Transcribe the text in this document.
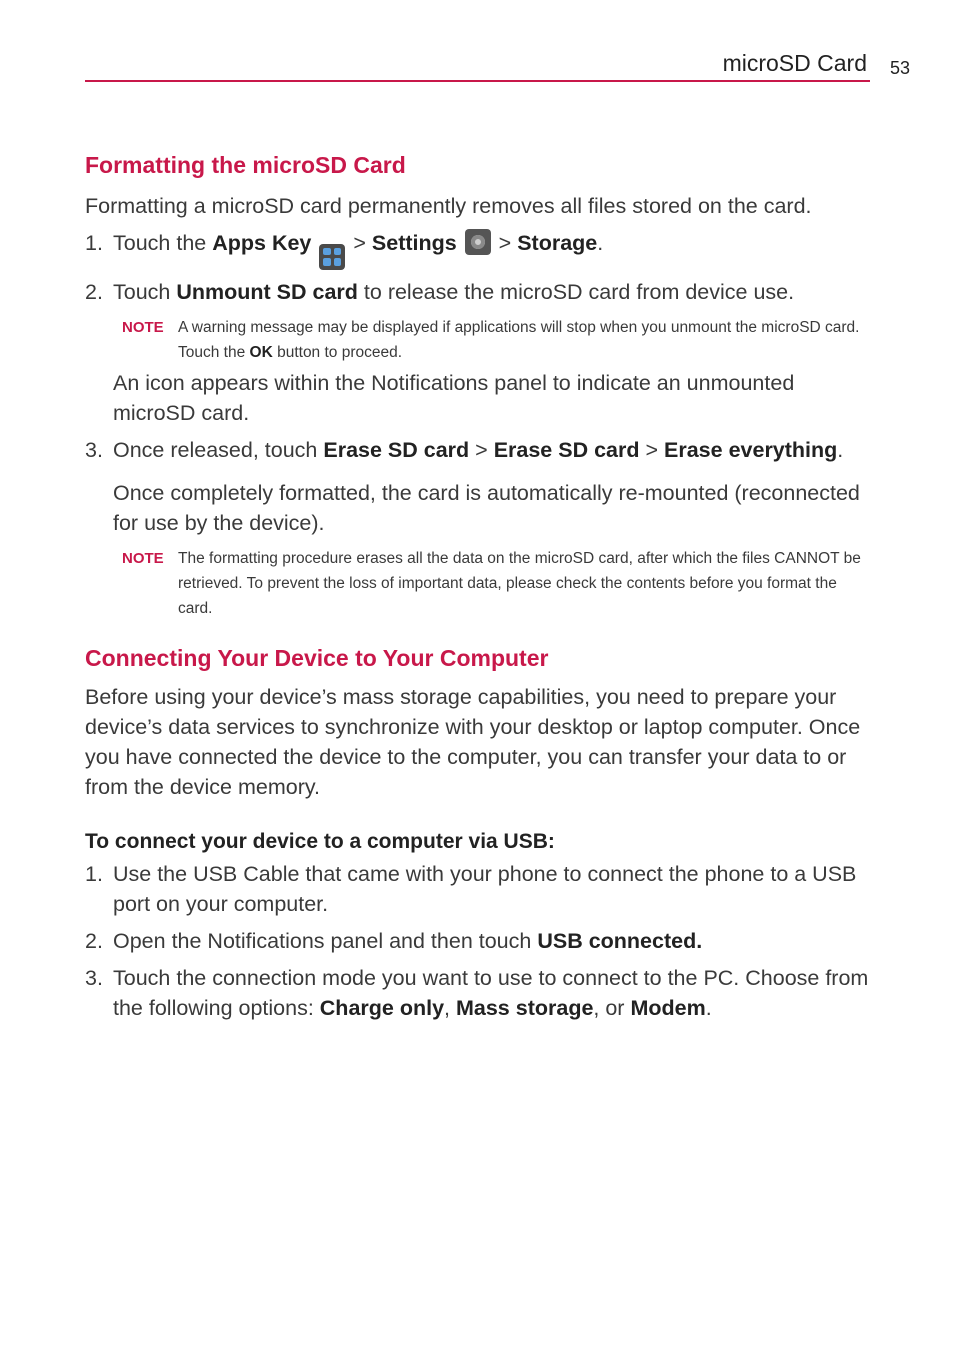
microSD Card 53
Formatting the microSD Card

Formatting a microSD card permanently removes all files stored on the card.

1. Touch the Apps Key
> Settings  > Storage.
2. Touch Unmount SD card to release the microSD card from device use.
NOTE A warning message may be displayed if applications will stop when you unmount the microSD card. Touch the OK button to proceed.

An icon appears within the Notifications panel to indicate an unmounted microSD card.

3. Once released, touch Erase SD card > Erase SD card > Erase everything.

Once completely formatted, the card is automatically re-mounted (reconnected for use by the device).

NOTE The formatting procedure erases all the data on the microSD card, after which the files CANNOT be retrieved. To prevent the loss of important data, please check the contents before you format the card.
Connecting Your Device to Your Computer

Before using your device’s mass storage capabilities, you need to prepare your device’s data services to synchronize with your desktop or laptop computer. Once you have connected the device to the computer, you can transfer your data to or from the device memory.

To connect your device to a computer via USB:
1. Use the USB Cable that came with your phone to connect the phone to a USB port on your computer.
2. Open the Notifications panel and then touch USB connected.
3. Touch the connection mode you want to use to connect to the PC. Choose from the following options: Charge only, Mass storage, or Modem.
